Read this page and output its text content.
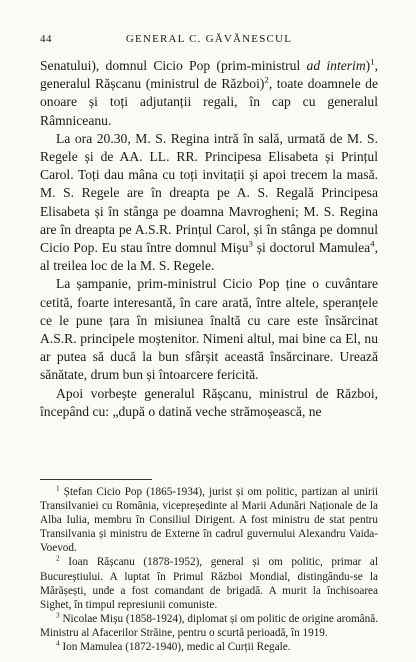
44	GENERAL C. GĂVĂNESCUL

Senatului), domnul Cicio Pop (prim-ministrul ad interim)$^1$, generalul Rășcanu (ministrul de Război)$^2$, toate doamnele de onoare și toți adjutanții regali, în cap cu generalul Râmniceanu.

La ora 20.30, M. S. Regina intră în sală, urmată de M. S. Regele și de AA. LL. RR. Principesa Elisabeta și Prințul Carol. Toți dau mâna cu toți invitații și apoi trecem la masă. M. S. Regele are în dreapta pe A. S. Regală Principesa Elisabeta și în stânga pe doamna Mavrogheni; M. S. Regina are în dreapta pe A.S.R. Prințul Carol, și în stânga pe domnul Cicio Pop. Eu stau între domnul Mișu$^3$ și doctorul Mamulea$^4$, al treilea loc de la M. S. Regele.

La șampanie, prim-ministrul Cicio Pop ține o cuvântare cetită, foarte interesantă, în care arată, între altele, speranțele ce le pune țara în misiunea înaltă cu care este însărcinat A.S.R. principele moștenitor. Nimeni altul, mai bine ca El, nu ar putea să ducă la bun sfârșit această însărcinare. Urează sănătate, drum bun și întoarcere fericită.

Apoi vorbește generalul Rășcanu, ministrul de Război, începând cu: „după o datină veche strămoșească, ne

$^1$ Ștefan Cicio Pop (1865-1934), jurist și om politic, partizan al unirii Transilvaniei cu România, vicepreședinte al Marii Adunări Naționale de la Alba Iulia, membru în Consiliul Dirigent. A fost ministru de stat pentru Transilvania și ministru de Externe în cadrul guvernului Alexandru Vaida-Voevod.

$^2$ Ioan Rășcanu (1878-1952), general și om politic, primar al Bucureștiului. A luptat în Primul Război Mondial, distingându-se la Mărășești, unde a fost comandant de brigadă. A murit la închisoarea Sighet, în timpul represiunii comuniste.

$^3$ Nicolae Mișu (1858-1924), diplomat și om politic de origine aromână. Ministru al Afacerilor Străine, pentru o scurtă perioadă, în 1919.

$^4$ Ion Mamulea (1872-1940), medic al Curții Regale.
